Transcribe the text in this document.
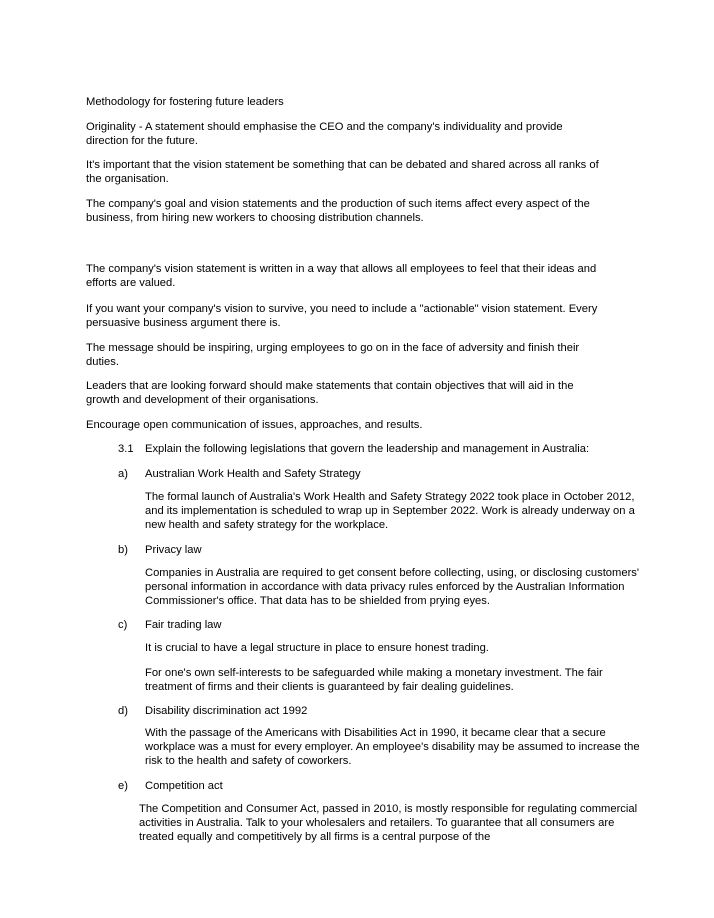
Methodology for fostering future leaders

Originality - A statement should emphasise the CEO and the company's individuality and provide direction for the future.

It's important that the vision statement be something that can be debated and shared across all ranks of the organisation.

The company's goal and vision statements and the production of such items affect every aspect of the business, from hiring new workers to choosing distribution channels.

The company's vision statement is written in a way that allows all employees to feel that their ideas and efforts are valued.

If you want your company's vision to survive, you need to include a "actionable" vision statement. Every persuasive business argument there is.

The message should be inspiring, urging employees to go on in the face of adversity and finish their duties.

Leaders that are looking forward should make statements that contain objectives that will aid in the growth and development of their organisations.

Encourage open communication of issues, approaches, and results.

3.1 Explain the following legislations that govern the leadership and management in Australia:

a) Australian Work Health and Safety Strategy

The formal launch of Australia's Work Health and Safety Strategy 2022 took place in October 2012, and its implementation is scheduled to wrap up in September 2022. Work is already underway on a new health and safety strategy for the workplace.

b) Privacy law

Companies in Australia are required to get consent before collecting, using, or disclosing customers' personal information in accordance with data privacy rules enforced by the Australian Information Commissioner's office. That data has to be shielded from prying eyes.

c) Fair trading law

It is crucial to have a legal structure in place to ensure honest trading.

For one's own self-interests to be safeguarded while making a monetary investment. The fair treatment of firms and their clients is guaranteed by fair dealing guidelines.

d) Disability discrimination act 1992

With the passage of the Americans with Disabilities Act in 1990, it became clear that a secure workplace was a must for every employer. An employee's disability may be assumed to increase the risk to the health and safety of coworkers.

e) Competition act

The Competition and Consumer Act, passed in 2010, is mostly responsible for regulating commercial activities in Australia. Talk to your wholesalers and retailers. To guarantee that all consumers are treated equally and competitively by all firms is a central purpose of the
